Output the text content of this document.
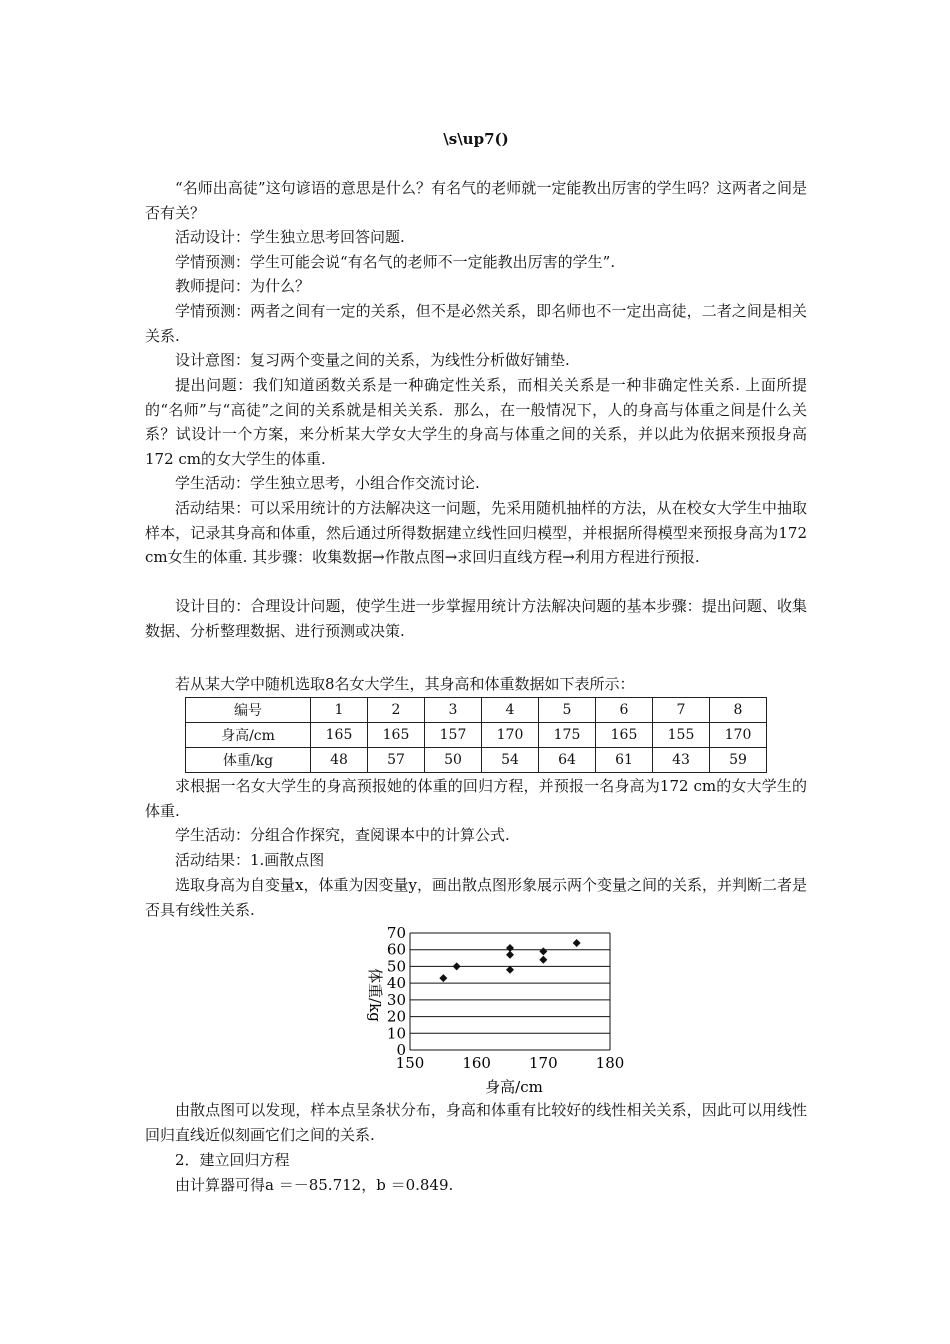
\s\up7()

“名师出高徒”这句谚语的意思是什么？有名气的老师就一定能教出厉害的学生吗？这两者之间是否有关？

活动设计：学生独立思考回答问题.

学情预测：学生可能会说“有名气的老师不一定能教出厉害的学生”.

教师提问：为什么？

学情预测：两者之间有一定的关系，但不是必然关系，即名师也不一定出高徒，二者之间是相关关系.

设计意图：复习两个变量之间的关系，为线性分析做好铺垫.

提出问题：我们知道函数关系是一种确定性关系，而相关关系是一种非确定性关系. 上面所提的“名师”与“高徒”之间的关系就是相关关系．那么，在一般情况下，人的身高与体重之间是什么关系？试设计一个方案，来分析某大学女大学生的身高与体重之间的关系，并以此为依据来预报身高172 cm的女大学生的体重.

学生活动：学生独立思考，小组合作交流讨论.

活动结果：可以采用统计的方法解决这一问题，先采用随机抽样的方法，从在校女大学生中抽取样本，记录其身高和体重，然后通过所得数据建立线性回归模型，并根据所得模型来预报身高为172 cm女生的体重. 其步骤：收集数据→作散点图→求回归直线方程→利用方程进行预报.

设计目的：合理设计问题，使学生进一步掌握用统计方法解决问题的基本步骤：提出问题、收集数据、分析整理数据、进行预测或决策.

若从某大学中随机选取8名女大学生，其身高和体重数据如下表所示：

编号	1	2	3	4	5	6	7	8
身高/cm	165	165	157	170	175	165	155	170
体重/kg	48	57	50	54	64	61	43	59

求根据一名女大学生的身高预报她的体重的回归方程，并预报一名身高为172 cm的女大学生的体重.

学生活动：分组合作探究，查阅课本中的计算公式.

活动结果：1.画散点图

选取身高为自变量x，体重为因变量y，画出散点图形象展示两个变量之间的关系，并判断二者是否具有线性关系.

由散点图可以发现，样本点呈条状分布，身高和体重有比较好的线性相关关系，因此可以用线性回归直线近似刻画它们之间的关系.

2．建立回归方程

由计算器可得a ＝－85.712，b ＝0.849.

0
10
20
30
40
50
60
70
150	160	170	180
身高/cm
体重/kg
